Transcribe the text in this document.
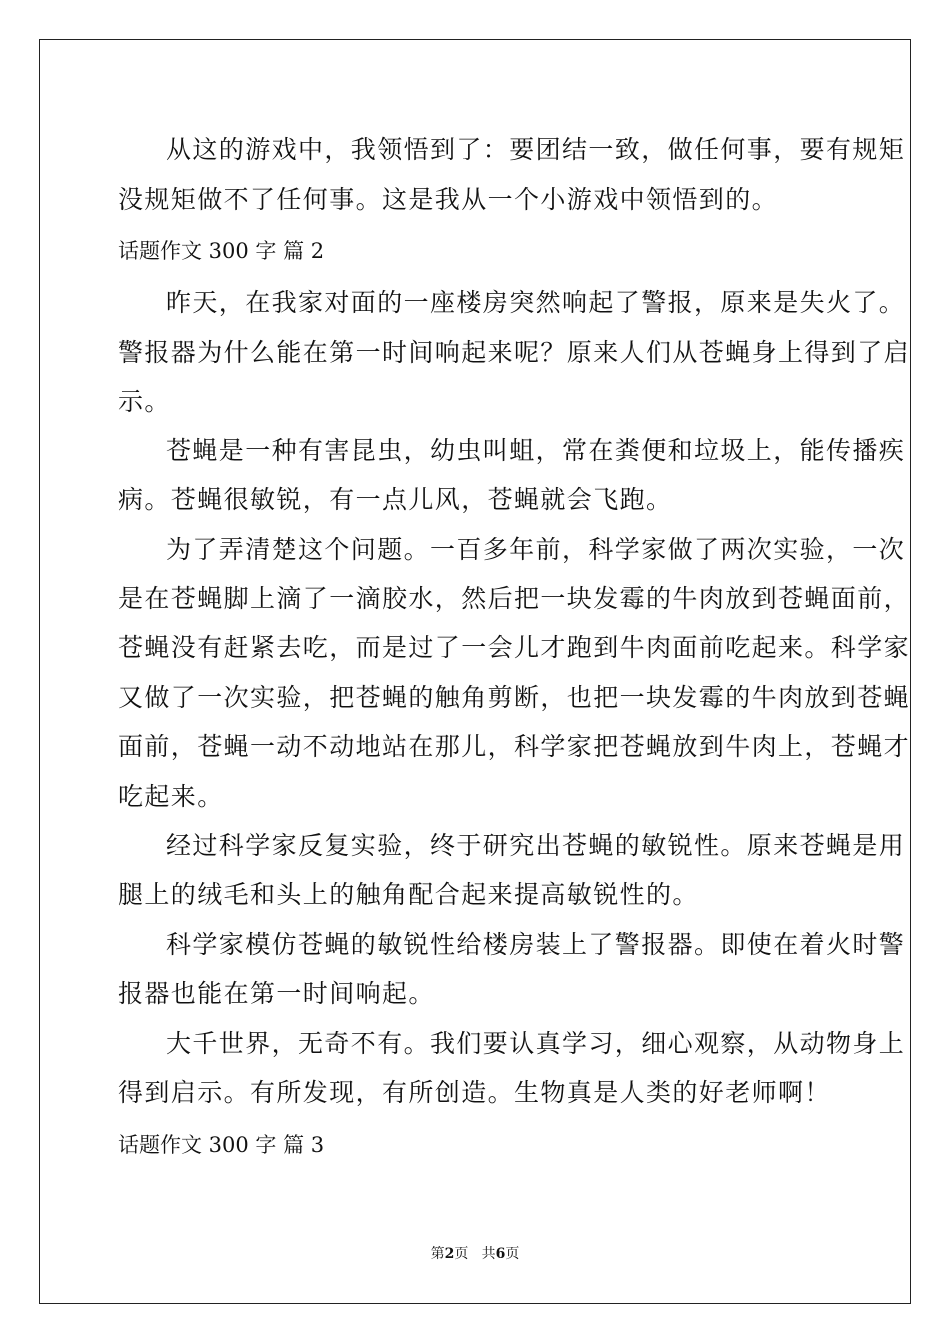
从这的游戏中，我领悟到了：要团结一致，做任何事，要有规矩
没规矩做不了任何事。这是我从一个小游戏中领悟到的。
话题作文 300 字 篇 2
昨天，在我家对面的一座楼房突然响起了警报，原来是失火了。
警报器为什么能在第一时间响起来呢？原来人们从苍蝇身上得到了启
示。
苍蝇是一种有害昆虫，幼虫叫蛆，常在粪便和垃圾上，能传播疾
病。苍蝇很敏锐，有一点儿风，苍蝇就会飞跑。
为了弄清楚这个问题。一百多年前，科学家做了两次实验，一次
是在苍蝇脚上滴了一滴胶水，然后把一块发霉的牛肉放到苍蝇面前，
苍蝇没有赶紧去吃，而是过了一会儿才跑到牛肉面前吃起来。科学家
又做了一次实验，把苍蝇的触角剪断，也把一块发霉的牛肉放到苍蝇
面前，苍蝇一动不动地站在那儿，科学家把苍蝇放到牛肉上，苍蝇才
吃起来。
经过科学家反复实验，终于研究出苍蝇的敏锐性。原来苍蝇是用
腿上的绒毛和头上的触角配合起来提高敏锐性的。
科学家模仿苍蝇的敏锐性给楼房装上了警报器。即使在着火时警
报器也能在第一时间响起。
大千世界，无奇不有。我们要认真学习，细心观察，从动物身上
得到启示。有所发现，有所创造。生物真是人类的好老师啊！
话题作文 300 字 篇 3
第2页 共6页
